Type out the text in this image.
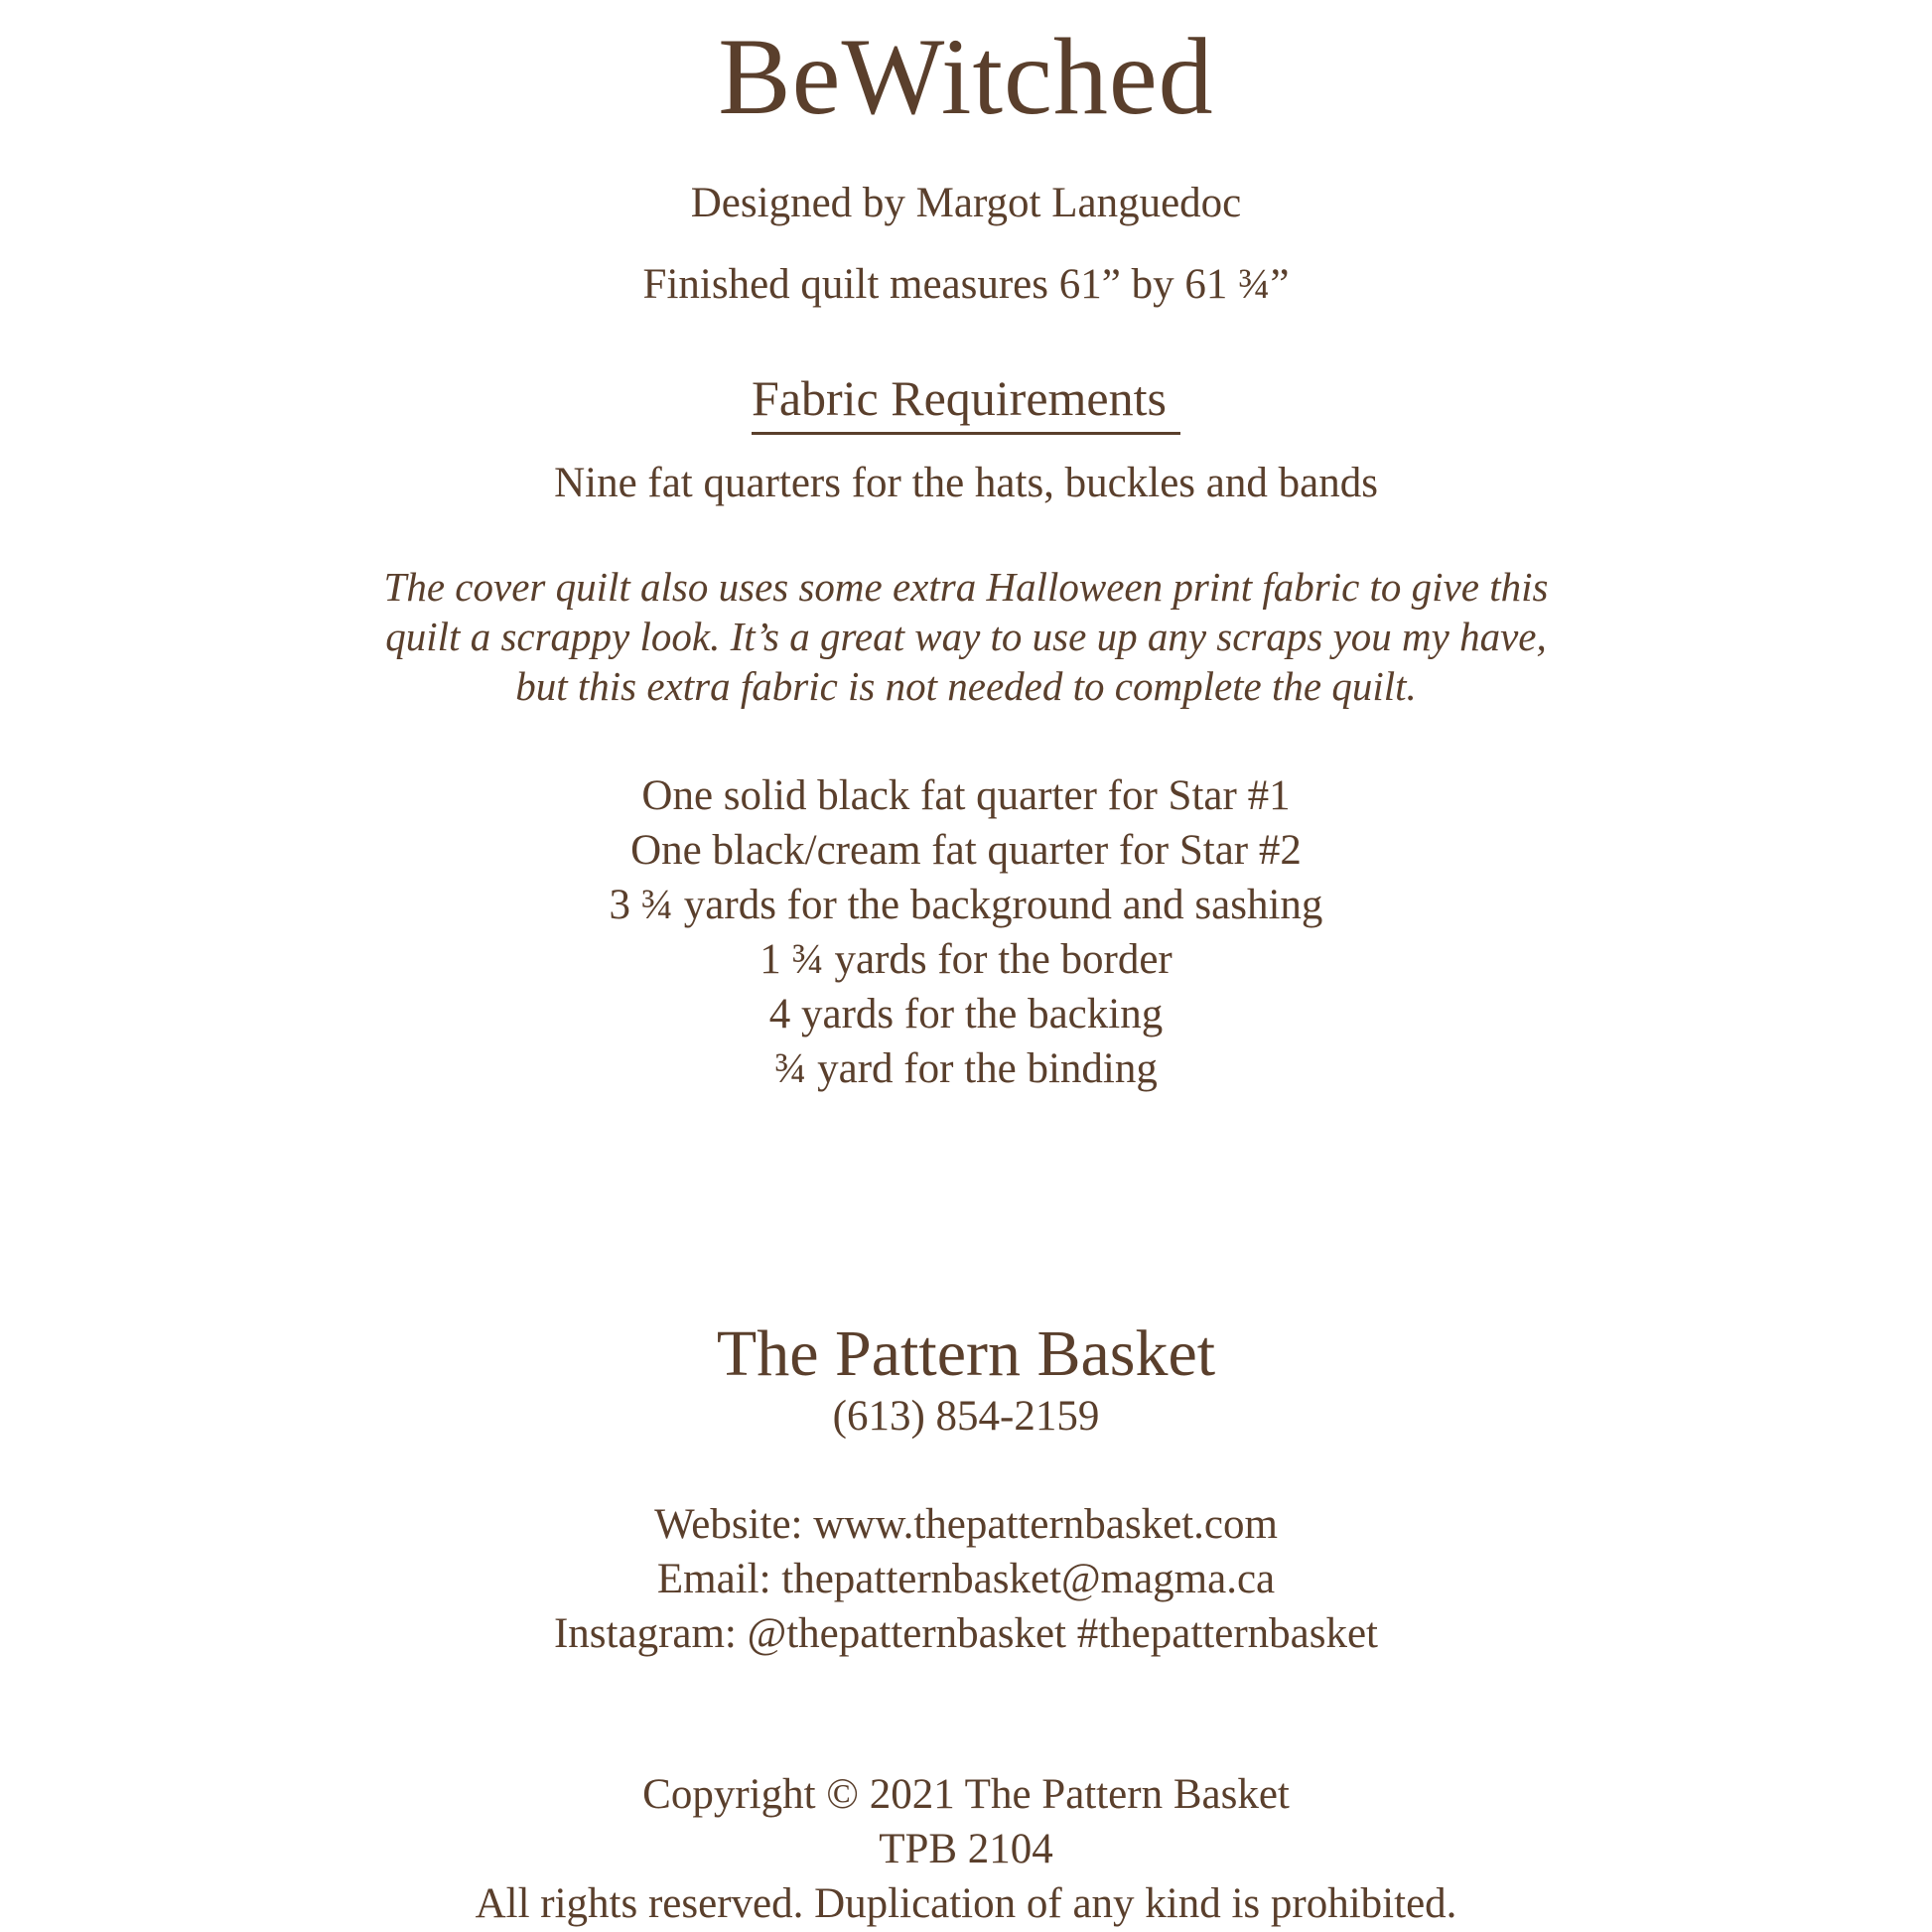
BeWitched
Designed by Margot Languedoc
Finished quilt measures 61” by 61 ¾”
Fabric Requirements
Nine fat quarters for the hats, buckles and bands
The cover quilt also uses some extra Halloween print fabric to give this
quilt a scrappy look. It’s a great way to use up any scraps you my have,
but this extra fabric is not needed to complete the quilt.
One solid black fat quarter for Star #1
One black/cream fat quarter for Star #2
3 ¾ yards for the background and sashing
1 ¾ yards for the border
4 yards for the backing
¾ yard for the binding
The Pattern Basket
(613) 854-2159
Website: www.thepatternbasket.com
Email: thepatternbasket@magma.ca
Instagram: @thepatternbasket #thepatternbasket
Copyright © 2021 The Pattern Basket
TPB 2104
All rights reserved. Duplication of any kind is prohibited.
